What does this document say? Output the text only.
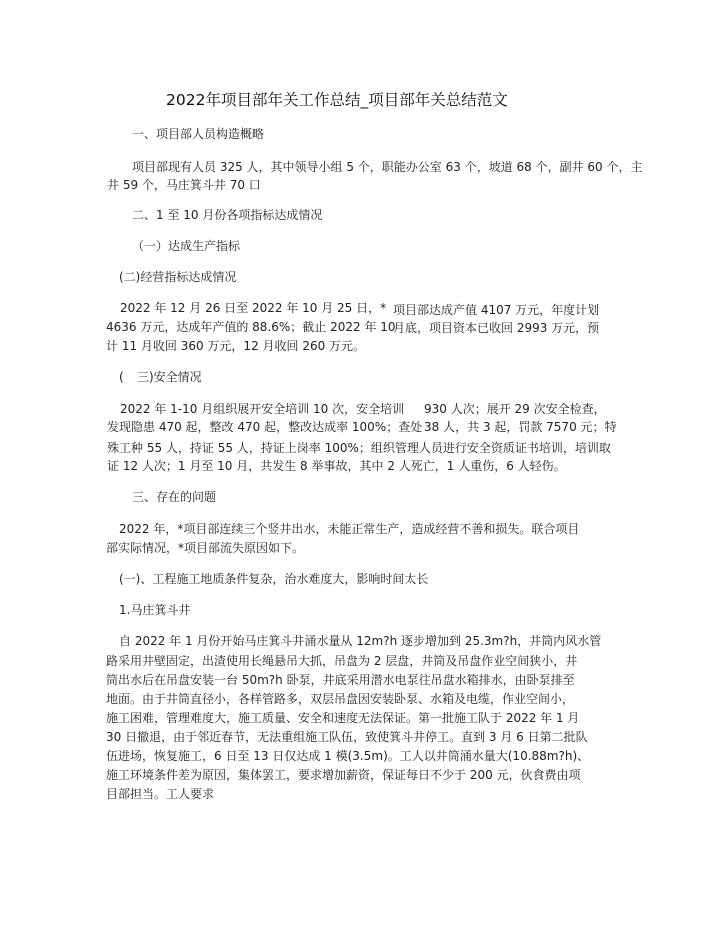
2022年项目部年关工作总结_项目部年关总结范文
一、项目部人员构造概略
项目部现有人员 325 人，其中领导小组 5 个，职能办公室 63 个，坡道 68 个，副井 60 个，主
井 59 个，马庄箕斗井 70 口
二、1 至 10 月份各项指标达成情况
（一）达成生产指标
(二)经营指标达成情况
2022 年 12 月 26 日至 2022 年 10 月 25 日，*
4636 万元，达成年产值的 88.6%；截止 2022 年 10
计 11 月收回 360 万元，12 月收回 260 万元。
项目部达成产值 4107 万元，年度计划
月底，项目资本已收回 2993 万元，预
( 三)安全情况
2022 年 1-10 月组织展开安全培训 10 次，安全培训
发现隐患 470 起，整改 470 起，整改达成率 100%；查处
930 人次；展开 29 次安全检查，
38 人，共 3 起，罚款 7570 元；特
殊工种 55 人，持证 55 人，持证上岗率 100%；组织管理人员进行安全资质证书培训，培训取
证 12 人次；1 月至 10 月，共发生 8 举事故，其中 2 人死亡，1 人重伤，6 人轻伤。
三、存在的问题
2022 年，*项目部连续三个竖井出水，未能正常生产，造成经营不善和损失。联合项目
部实际情况，*项目部流失原因如下。
(一)、工程施工地质条件复杂，治水难度大，影响时间太长
1.马庄箕斗井
自 2022 年 1 月份开始马庄箕斗井涌水量从 12m?h 逐步增加到 25.3m?h，井筒内风水管
路采用井壁固定，出渣使用长绳悬吊大抓，吊盘为 2 层盘，井筒及吊盘作业空间狭小，井
筒出水后在吊盘安装一台 50m?h 卧泵，井底采用潜水电泵往吊盘水箱排水，由卧泵排至
地面。由于井筒直径小，各样管路多，双层吊盘因安装卧泵、水箱及电缆，作业空间小，
施工困难，管理难度大，施工质量、安全和速度无法保证。第一批施工队于 2022 年 1 月
30 日撤退，由于邻近春节，无法重组施工队伍，致使箕斗井停工。直到 3 月 6 日第二批队
伍进场，恢复施工，6 日至 13 日仅达成 1 模(3.5m)。工人以井筒涌水量大(10.88m?h)、
施工环境条件差为原因，集体罢工，要求增加薪资，保证每日不少于 200 元，伙食费由项
目部担当。工人要求
